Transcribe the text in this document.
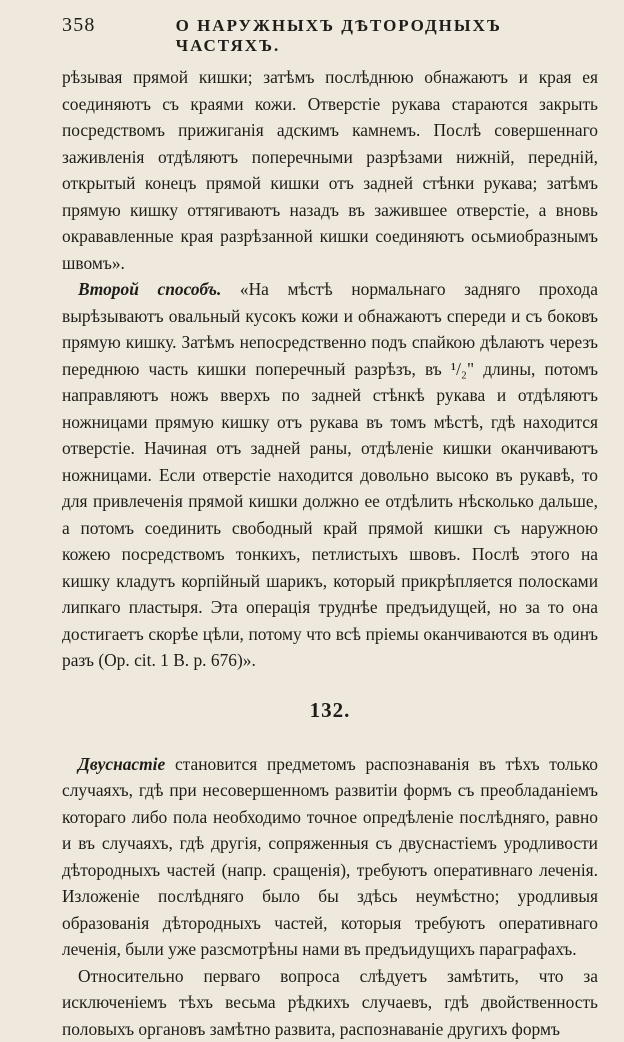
358	О НАРУЖНЫХЪ ДѢТОРОДНЫХЪ ЧАСТЯХЪ.

рѣзывая прямой кишки; затѣмъ послѣднюю обнажаютъ и края ея соединяютъ съ краями кожи. Отверстіе рукава стараются закрыть посредствомъ прижиганія адскимъ камнемъ. Послѣ совершеннаго заживленія отдѣляютъ поперечными разрѣзами нижній, передній, открытый конецъ прямой кишки отъ задней стѣнки рукава; затѣмъ прямую кишку оттягиваютъ назадъ въ зажившее отверстіе, а вновь окрававленные края разрѣзанной кишки соединяютъ осьмиобразнымъ швомъ».

Второй способъ. «На мѣстѣ нормальнаго задняго прохода вырѣзываютъ овальный кусокъ кожи и обнажаютъ спереди и съ боковъ прямую кишку. Затѣмъ непосредственно подъ спайкою дѣлаютъ черезъ переднюю часть кишки поперечный разрѣзъ, въ ¹/₂" длины, потомъ направляютъ ножъ вверхъ по задней стѣнкѣ рукава и отдѣляютъ ножницами прямую кишку отъ рукава въ томъ мѣстѣ, гдѣ находится отверстіе. Начиная отъ задней раны, отдѣленіе кишки оканчиваютъ ножницами. Если отверстіе находится довольно высоко въ рукавѣ, то для привлеченія прямой кишки должно ее отдѣлить нѣсколько дальше, а потомъ соединить свободный край прямой кишки съ наружною кожею посредствомъ тонкихъ, петлистыхъ швовъ. Послѣ этого на кишку кладутъ корпійный шарикъ, который прикрѣпляется полосками липкаго пластыря. Эта операція труднѣе предъидущей, но за то она достигаетъ скорѣе цѣли, потому что всѣ пріемы оканчиваются въ одинъ разъ (Op. cit. 1 B. p. 676)».

132.

Двуснастіе становится предметомъ распознаванія въ тѣхъ только случаяхъ, гдѣ при несовершенномъ развитіи формъ съ преобладаніемъ котораго либо пола необходимо точное опредѣленіе послѣдняго, равно и въ случаяхъ, гдѣ другія, сопряженныя съ двуснастіемъ уродливости дѣтородныхъ частей (напр. сращенія), требуютъ оперативнаго леченія. Изложеніе послѣдняго было бы здѣсь неумѣстно; уродливыя образованія дѣтородныхъ частей, которыя требуютъ оперативнаго леченія, были уже разсмотрѣны нами въ предъидущихъ параграфахъ.

Относительно перваго вопроса слѣдуетъ замѣтить, что за исключеніемъ тѣхъ весьма рѣдкихъ случаевъ, гдѣ двойственность половыхъ органовъ замѣтно развита, распознаваніе другихъ формъ
